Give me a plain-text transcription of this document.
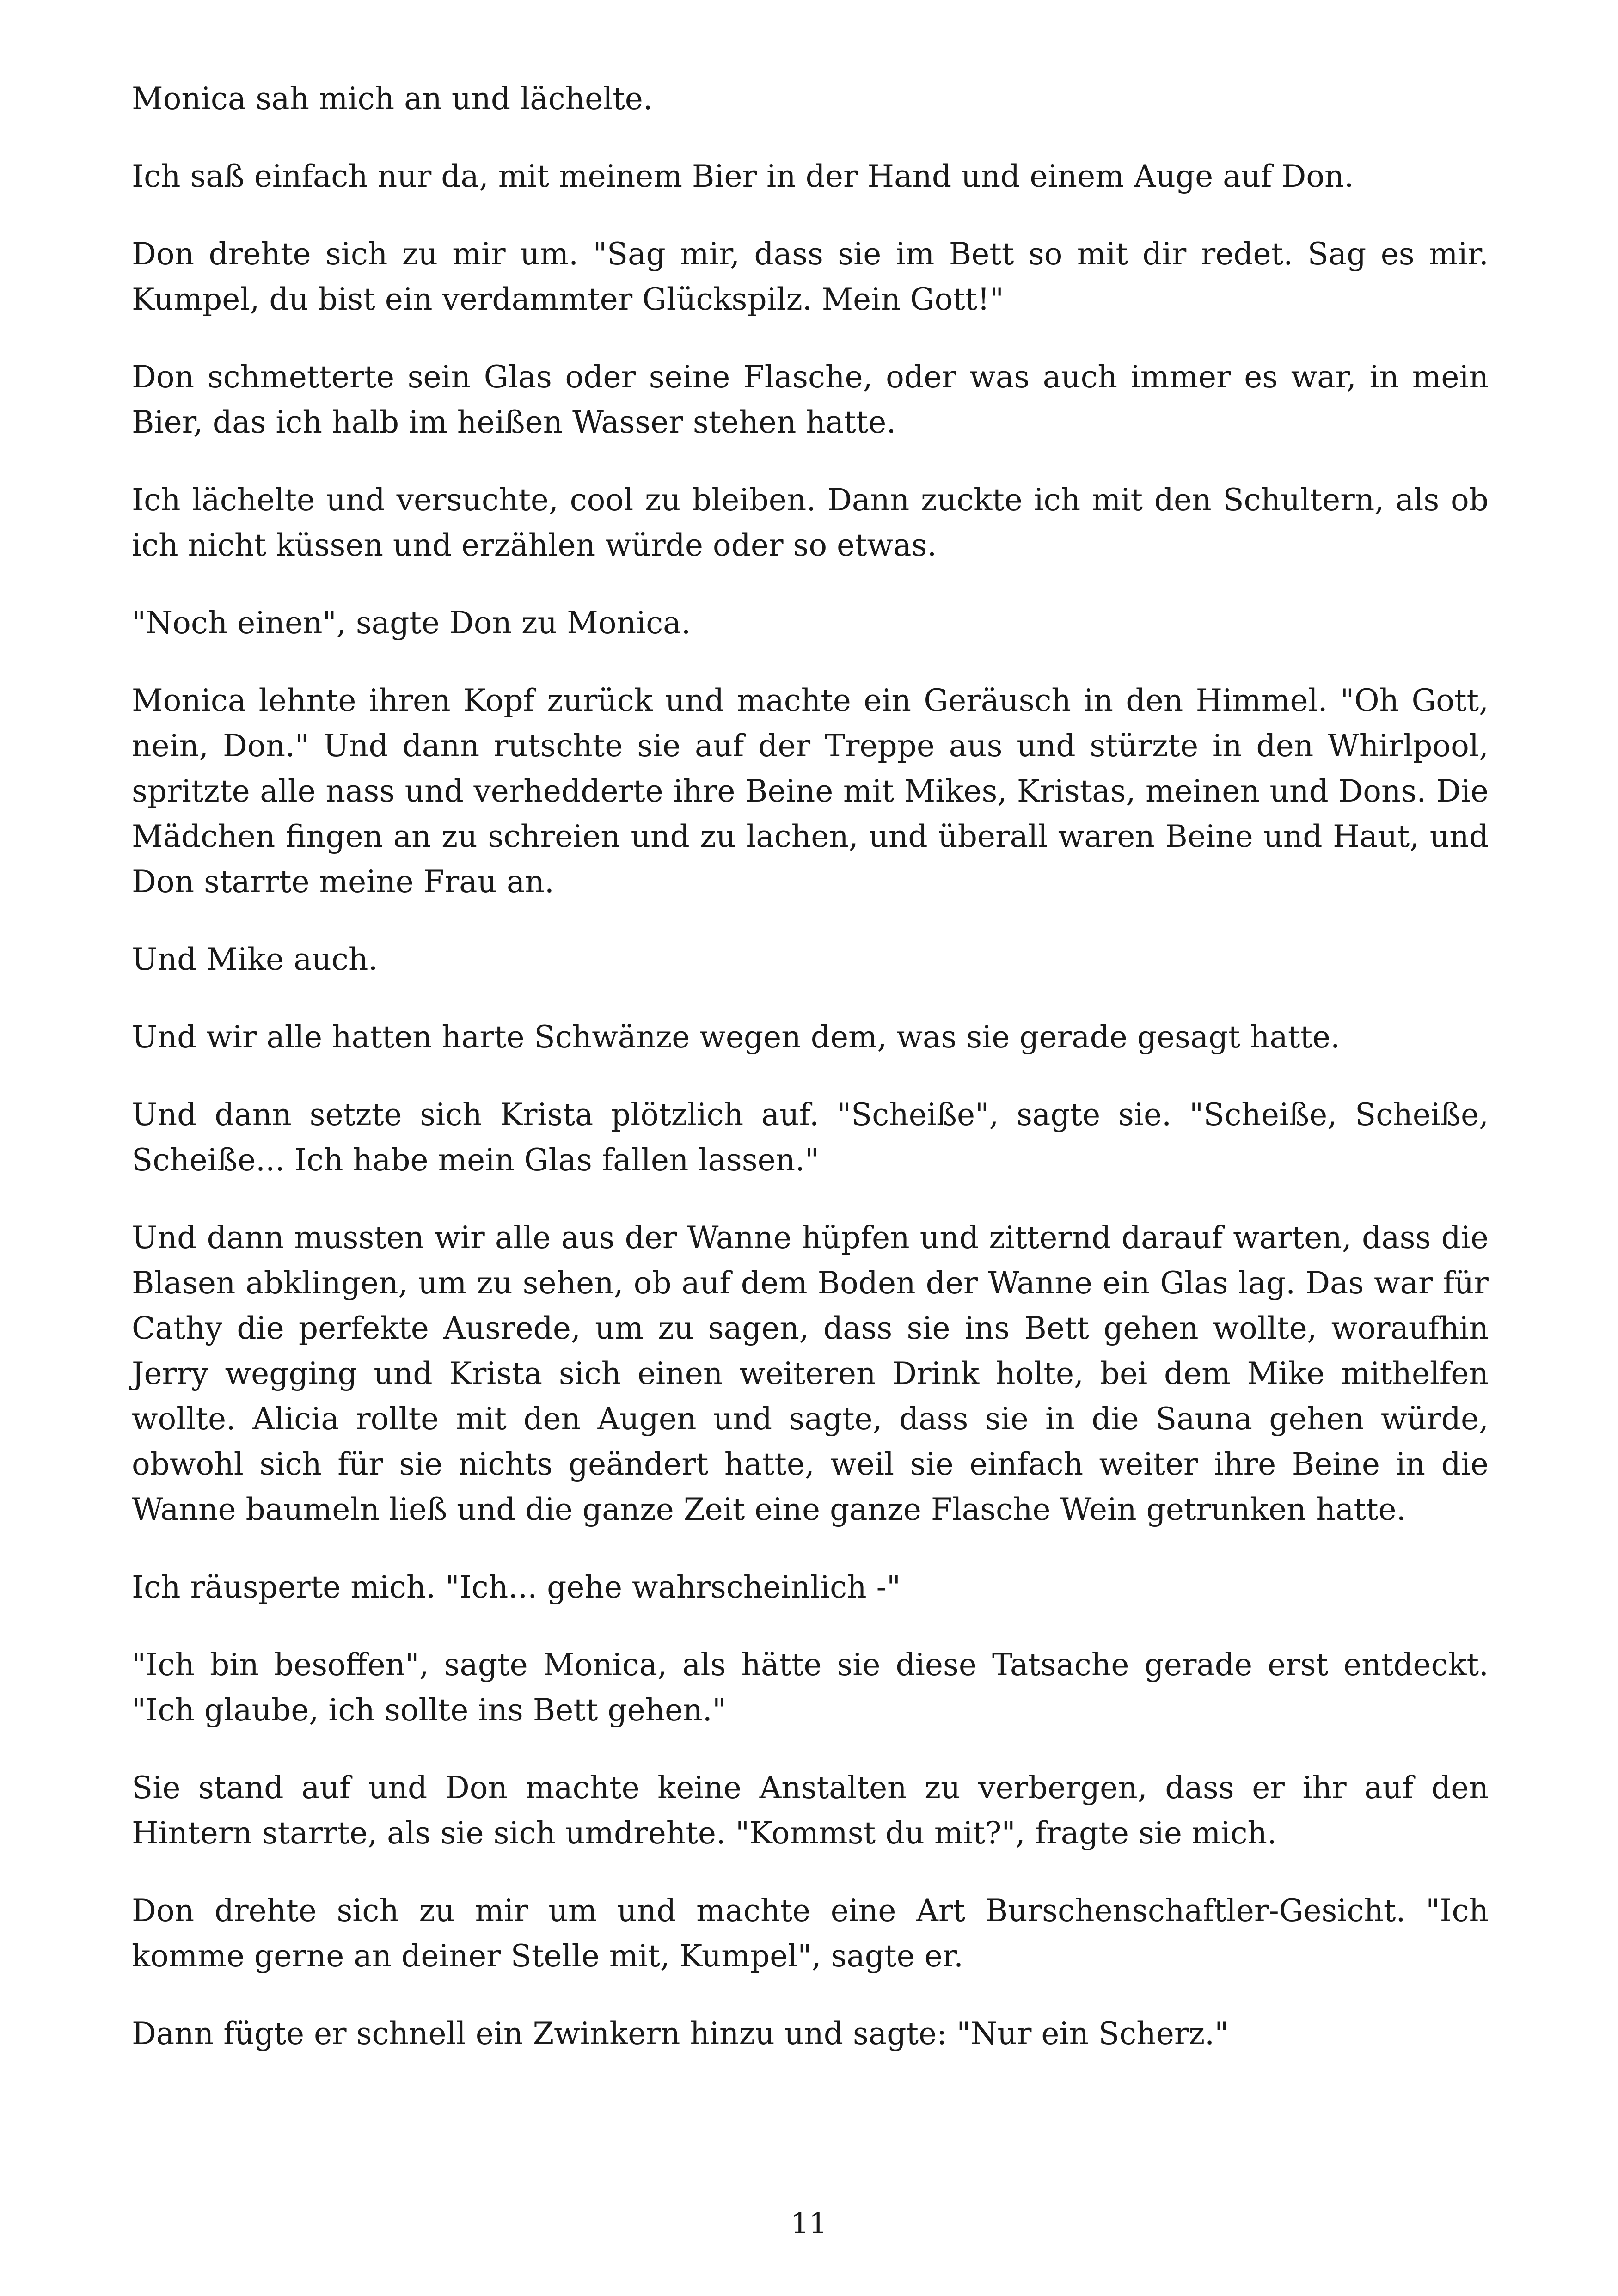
Monica sah mich an und lächelte.

Ich saß einfach nur da, mit meinem Bier in der Hand und einem Auge auf Don.

Don drehte sich zu mir um. "Sag mir, dass sie im Bett so mit dir redet. Sag es mir. Kumpel, du bist ein verdammter Glückspilz. Mein Gott!"

Don schmetterte sein Glas oder seine Flasche, oder was auch immer es war, in mein Bier, das ich halb im heißen Wasser stehen hatte.

Ich lächelte und versuchte, cool zu bleiben. Dann zuckte ich mit den Schultern, als ob ich nicht küssen und erzählen würde oder so etwas.

"Noch einen", sagte Don zu Monica.

Monica lehnte ihren Kopf zurück und machte ein Geräusch in den Himmel. "Oh Gott, nein, Don." Und dann rutschte sie auf der Treppe aus und stürzte in den Whirlpool, spritzte alle nass und verhedderte ihre Beine mit Mikes, Kristas, meinen und Dons. Die Mädchen fingen an zu schreien und zu lachen, und überall waren Beine und Haut, und Don starrte meine Frau an.

Und Mike auch.

Und wir alle hatten harte Schwänze wegen dem, was sie gerade gesagt hatte.

Und dann setzte sich Krista plötzlich auf. "Scheiße", sagte sie. "Scheiße, Scheiße, Scheiße... Ich habe mein Glas fallen lassen."

Und dann mussten wir alle aus der Wanne hüpfen und zitternd darauf warten, dass die Blasen abklingen, um zu sehen, ob auf dem Boden der Wanne ein Glas lag. Das war für Cathy die perfekte Ausrede, um zu sagen, dass sie ins Bett gehen wollte, woraufhin Jerry wegging und Krista sich einen weiteren Drink holte, bei dem Mike mithelfen wollte. Alicia rollte mit den Augen und sagte, dass sie in die Sauna gehen würde, obwohl sich für sie nichts geändert hatte, weil sie einfach weiter ihre Beine in die Wanne baumeln ließ und die ganze Zeit eine ganze Flasche Wein getrunken hatte.

Ich räusperte mich. "Ich... gehe wahrscheinlich -"

"Ich bin besoffen", sagte Monica, als hätte sie diese Tatsache gerade erst entdeckt. "Ich glaube, ich sollte ins Bett gehen."

Sie stand auf und Don machte keine Anstalten zu verbergen, dass er ihr auf den Hintern starrte, als sie sich umdrehte. "Kommst du mit?", fragte sie mich.

Don drehte sich zu mir um und machte eine Art Burschenschaftler-Gesicht. "Ich komme gerne an deiner Stelle mit, Kumpel", sagte er.

Dann fügte er schnell ein Zwinkern hinzu und sagte: "Nur ein Scherz."

11
